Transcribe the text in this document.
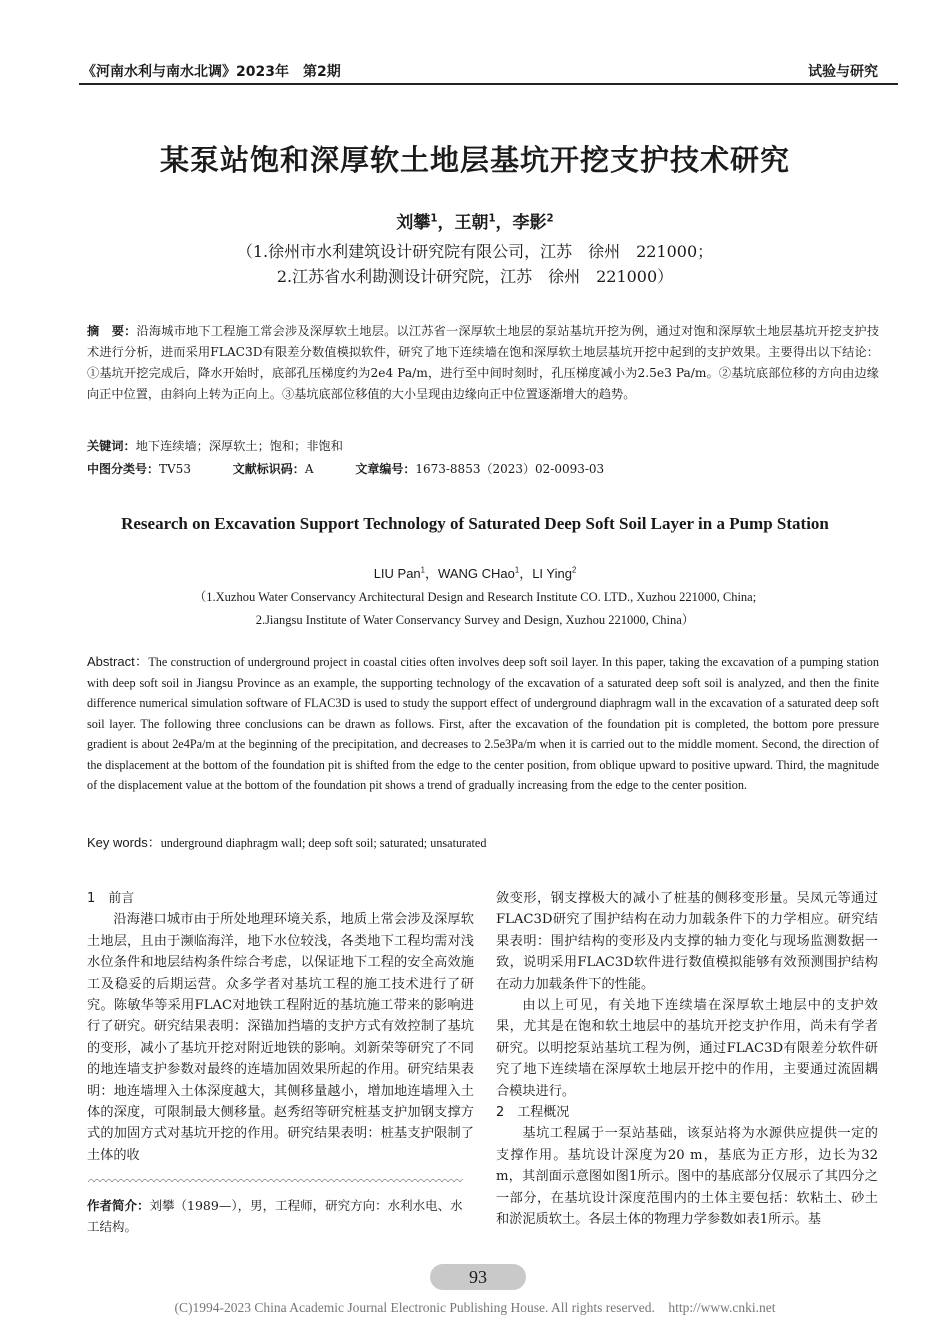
《河南水利与南水北调》2023年　第2期	试验与研究
某泵站饱和深厚软土地层基坑开挖支护技术研究
刘攀$^1$，王朝$^1$，李影$^2$
（1.徐州市水利建筑设计研究院有限公司，江苏　徐州　221000；
2.江苏省水利勘测设计研究院，江苏　徐州　221000）
摘　要：沿海城市地下工程施工常会涉及深厚软土地层。以江苏省一深厚软土地层的泵站基坑开挖为例，通过对饱和深厚软土地层基坑开挖支护技术进行分析，进而采用FLAC3D有限差分数值模拟软件，研究了地下连续墙在饱和深厚软土地层基坑开挖中起到的支护效果。主要得出以下结论：①基坑开挖完成后，降水开始时，底部孔压梯度约为2e4 Pa/m，进行至中间时刻时，孔压梯度减小为2.5e3 Pa/m。②基坑底部位移的方向由边缘向正中位置，由斜向上转为正向上。③基坑底部位移值的大小呈现由边缘向正中位置逐渐增大的趋势。
关键词：地下连续墙；深厚软土；饱和；非饱和
中图分类号：TV53	文献标识码：A	文章编号：1673-8853（2023）02-0093-03
Research on Excavation Support Technology of Saturated Deep Soft Soil Layer in a Pump Station
LIU Pan$^1$，WANG CHao$^1$，LI Ying$^2$
（1.Xuzhou Water Conservancy Architectural Design and Research Institute CO. LTD., Xuzhou 221000, China;
2.Jiangsu Institute of Water Conservancy Survey and Design, Xuzhou 221000, China）
Abstract：The construction of underground project in coastal cities often involves deep soft soil layer. In this paper, taking the excavation of a pumping station with deep soft soil in Jiangsu Province as an example, the supporting technology of the excavation of a saturated deep soft soil is analyzed, and then the finite difference numerical simulation software of FLAC3D is used to study the support effect of underground diaphragm wall in the excavation of a saturated deep soft soil layer. The following three conclusions can be drawn as follows. First, after the excavation of the foundation pit is completed, the bottom pore pressure gradient is about 2e4Pa/m at the beginning of the precipitation, and decreases to 2.5e3Pa/m when it is carried out to the middle moment. Second, the direction of the displacement at the bottom of the foundation pit is shifted from the edge to the center position, from oblique upward to positive upward. Third, the magnitude of the displacement value at the bottom of the foundation pit shows a trend of gradually increasing from the edge to the center position.
Key words：underground diaphragm wall; deep soft soil; saturated; unsaturated
1　前言

沿海港口城市由于所处地理环境关系，地质上常会涉及深厚软土地层，且由于濒临海洋，地下水位较浅，各类地下工程均需对浅水位条件和地层结构条件综合考虑，以保证地下工程的安全高效施工及稳妥的后期运营。众多学者对基坑工程的施工技术进行了研究。陈敏华等采用FLAC对地铁工程附近的基坑施工带来的影响进行了研究。研究结果表明：深锚加挡墙的支护方式有效控制了基坑的变形，减小了基坑开挖对附近地铁的影响。刘新荣等研究了不同的地连墙支护参数对最终的连墙加固效果所起的作用。研究结果表明：地连墙埋入土体深度越大，其侧移量越小，增加地连墙埋入土体的深度，可限制最大侧移量。赵秀绍等研究桩基支护加钢支撑方式的加固方式对基坑开挖的作用。研究结果表明：桩基支护限制了土体的收

敛变形，钢支撑极大的减小了桩基的侧移变形量。吴凤元等通过FLAC3D研究了围护结构在动力加载条件下的力学相应。研究结果表明：围护结构的变形及内支撑的轴力变化与现场监测数据一致，说明采用FLAC3D软件进行数值模拟能够有效预测围护结构在动力加载条件下的性能。

由以上可见，有关地下连续墙在深厚软土地层中的支护效果，尤其是在饱和软土地层中的基坑开挖支护作用，尚未有学者研究。以明挖泵站基坑工程为例，通过FLAC3D有限差分软件研究了地下连续墙在深厚软土地层开挖中的作用，主要通过流固耦合模块进行。

2　工程概况

基坑工程属于一泵站基础，该泵站将为水源供应提供一定的支撑作用。基坑设计深度为20 m，基底为正方形，边长为32 m，其剖面示意图如图1所示。图中的基底部分仅展示了其四分之一部分，在基坑设计深度范围内的土体主要包括：软粘土、砂土和淤泥质软土。各层土体的物理力学参数如表1所示。基

作者简介：刘攀（1989—），男，工程师，研究方向：水利水电、水工结构。
93
(C)1994-2023 China Academic Journal Electronic Publishing House. All rights reserved.　http://www.cnki.net
